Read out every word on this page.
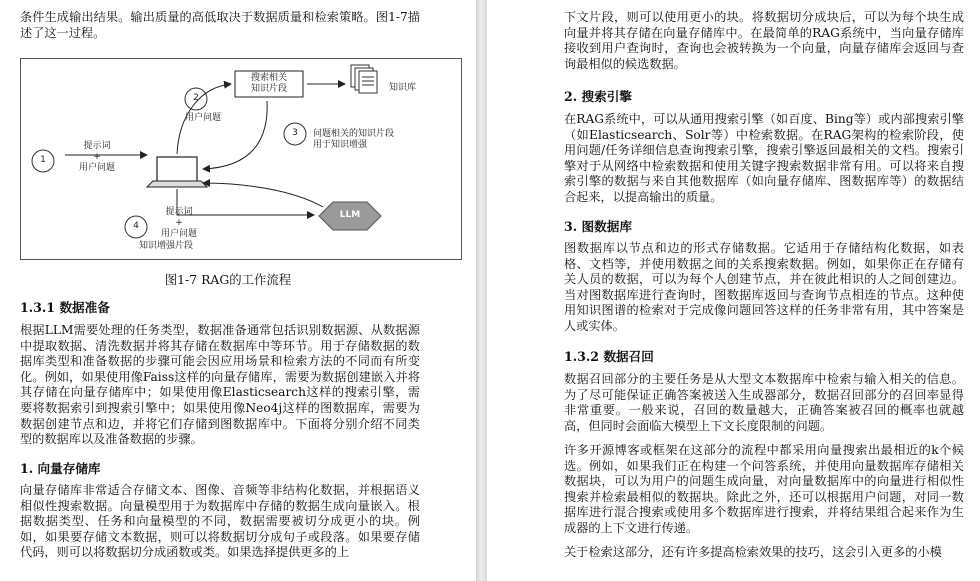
条件生成输出结果。输出质量的高低取决于数据质量和检索策略。图1-7描述了这一过程。

1
2
3
4
搜索相关
知识片段	知识库
用户问题
问题相关的知识片段
用于知识增强
提示词
+
用户问题
提示词
+
用户问题
知识增强片段
LLM

图1-7 RAG的工作流程

1.3.1 数据准备

根据LLM需要处理的任务类型，数据准备通常包括识别数据源、从数据源中提取数据、清洗数据并将其存储在数据库中等环节。用于存储数据的数据库类型和准备数据的步骤可能会因应用场景和检索方法的不同而有所变化。例如，如果使用像Faiss这样的向量存储库，需要为数据创建嵌入并将其存储在向量存储库中；如果使用像Elasticsearch这样的搜索引擎，需要将数据索引到搜索引擎中；如果使用像Neo4j这样的图数据库，需要为数据创建节点和边，并将它们存储到图数据库中。下面将分别介绍不同类型的数据库以及准备数据的步骤。

1. 向量存储库

向量存储库非常适合存储文本、图像、音频等非结构化数据，并根据语义相似性搜索数据。向量模型用于为数据库中存储的数据生成向量嵌入。根据数据类型、任务和向量模型的不同，数据需要被切分成更小的块。例如，如果要存储文本数据，则可以将数据切分成句子或段落。如果要存储代码，则可以将数据切分成函数或类。如果选择提供更多的上

下文片段，则可以使用更小的块。将数据切分成块后，可以为每个块生成向量并将其存储在向量存储库中。在最简单的RAG系统中，当向量存储库接收到用户查询时，查询也会被转换为一个向量，向量存储库会返回与查询最相似的候选数据。

2. 搜索引擎

在RAG系统中，可以从通用搜索引擎（如百度、Bing等）或内部搜索引擎（如Elasticsearch、Solr等）中检索数据。在RAG架构的检索阶段，使用问题/任务详细信息查询搜索引擎，搜索引擎返回最相关的文档。搜索引擎对于从网络中检索数据和使用关键字搜索数据非常有用。可以将来自搜索引擎的数据与来自其他数据库（如向量存储库、图数据库等）的数据结合起来，以提高输出的质量。

3. 图数据库

图数据库以节点和边的形式存储数据。它适用于存储结构化数据，如表格、文档等，并使用数据之间的关系搜索数据。例如，如果你正在存储有关人员的数据，可以为每个人创建节点，并在彼此相识的人之间创建边。当对图数据库进行查询时，图数据库返回与查询节点相连的节点。这种使用知识图谱的检索对于完成像问题回答这样的任务非常有用，其中答案是人或实体。

1.3.2 数据召回

数据召回部分的主要任务是从大型文本数据库中检索与输入相关的信息。为了尽可能保证正确答案被送入生成器部分，数据召回部分的召回率显得非常重要。一般来说，召回的数量越大，正确答案被召回的概率也就越高，但同时会面临大模型上下文长度限制的问题。

许多开源博客或框架在这部分的流程中都采用向量搜索出最相近的k个候选。例如，如果我们正在构建一个问答系统，并使用向量数据库存储相关数据块，可以为用户的问题生成向量，对向量数据库中的向量进行相似性搜索并检索最相似的数据块。除此之外，还可以根据用户问题，对同一数据库进行混合搜索或使用多个数据库进行搜索，并将结果组合起来作为生成器的上下文进行传递。

关于检索这部分，还有许多提高检索效果的技巧，这会引入更多的小模
